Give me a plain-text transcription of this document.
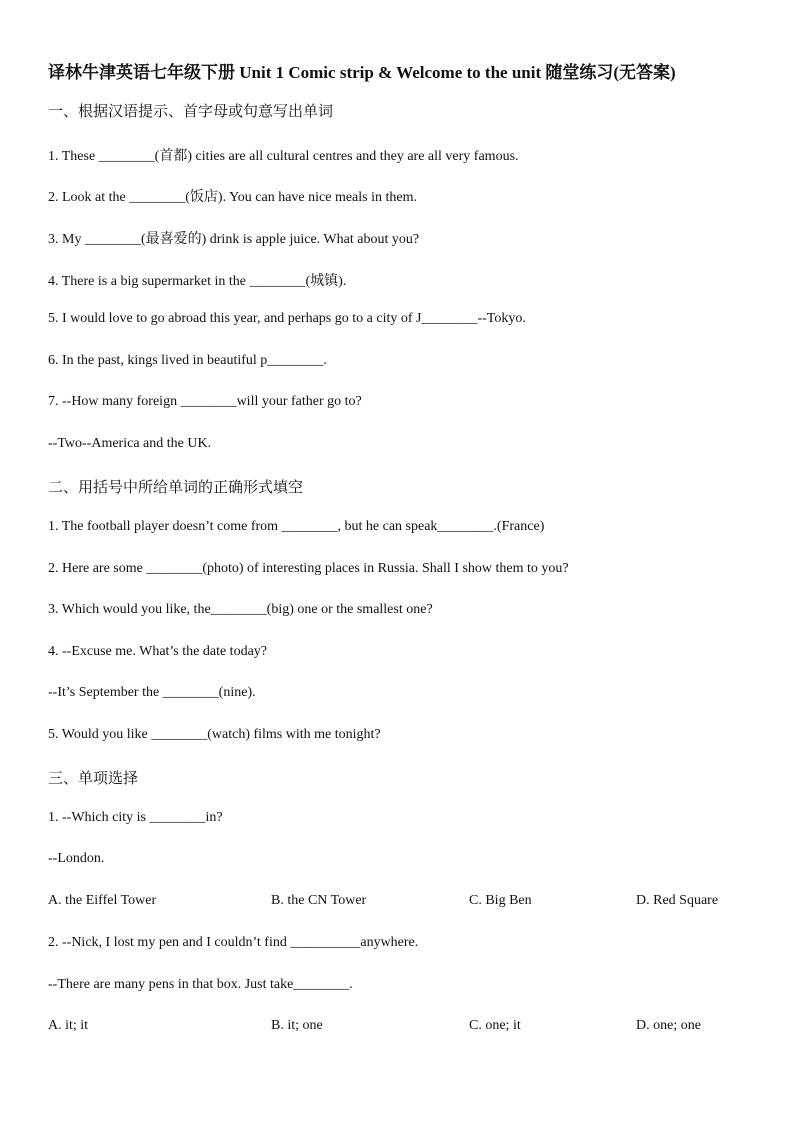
译林牛津英语七年级下册 Unit 1 Comic strip & Welcome to the unit 随堂练习(无答案)
一、根据汉语提示、首字母或句意写出单词
1. These ________(首都) cities are all cultural centres and they are all very famous.
2. Look at the ________(饭店). You can have nice meals in them.
3. My ________(最喜爱的) drink is apple juice. What about you?
4. There is a big supermarket in the ________(城镇).
5. I would love to go abroad this year, and perhaps go to a city of J________--Tokyo.
6. In the past, kings lived in beautiful p________.
7. --How many foreign ________will your father go to?
--Two--America and the UK.
二、用括号中所给单词的正确形式填空
1. The football player doesn’t come from ________, but he can speak________.(France)
2. Here are some ________(photo) of interesting places in Russia. Shall I show them to you?
3. Which would you like, the________(big) one or the smallest one?
4. --Excuse me. What’s the date today?
--It’s September the ________(nine).
5. Would you like ________(watch) films with me tonight?
三、单项选择
1. --Which city is ________in?
--London.
A. the Eiffel Tower	B. the CN Tower	C. Big Ben	D. Red Square
2. --Nick, I lost my pen and I couldn’t find __________anywhere.
--There are many pens in that box. Just take________.
A. it; it	B. it; one	C. one; it	D. one; one
